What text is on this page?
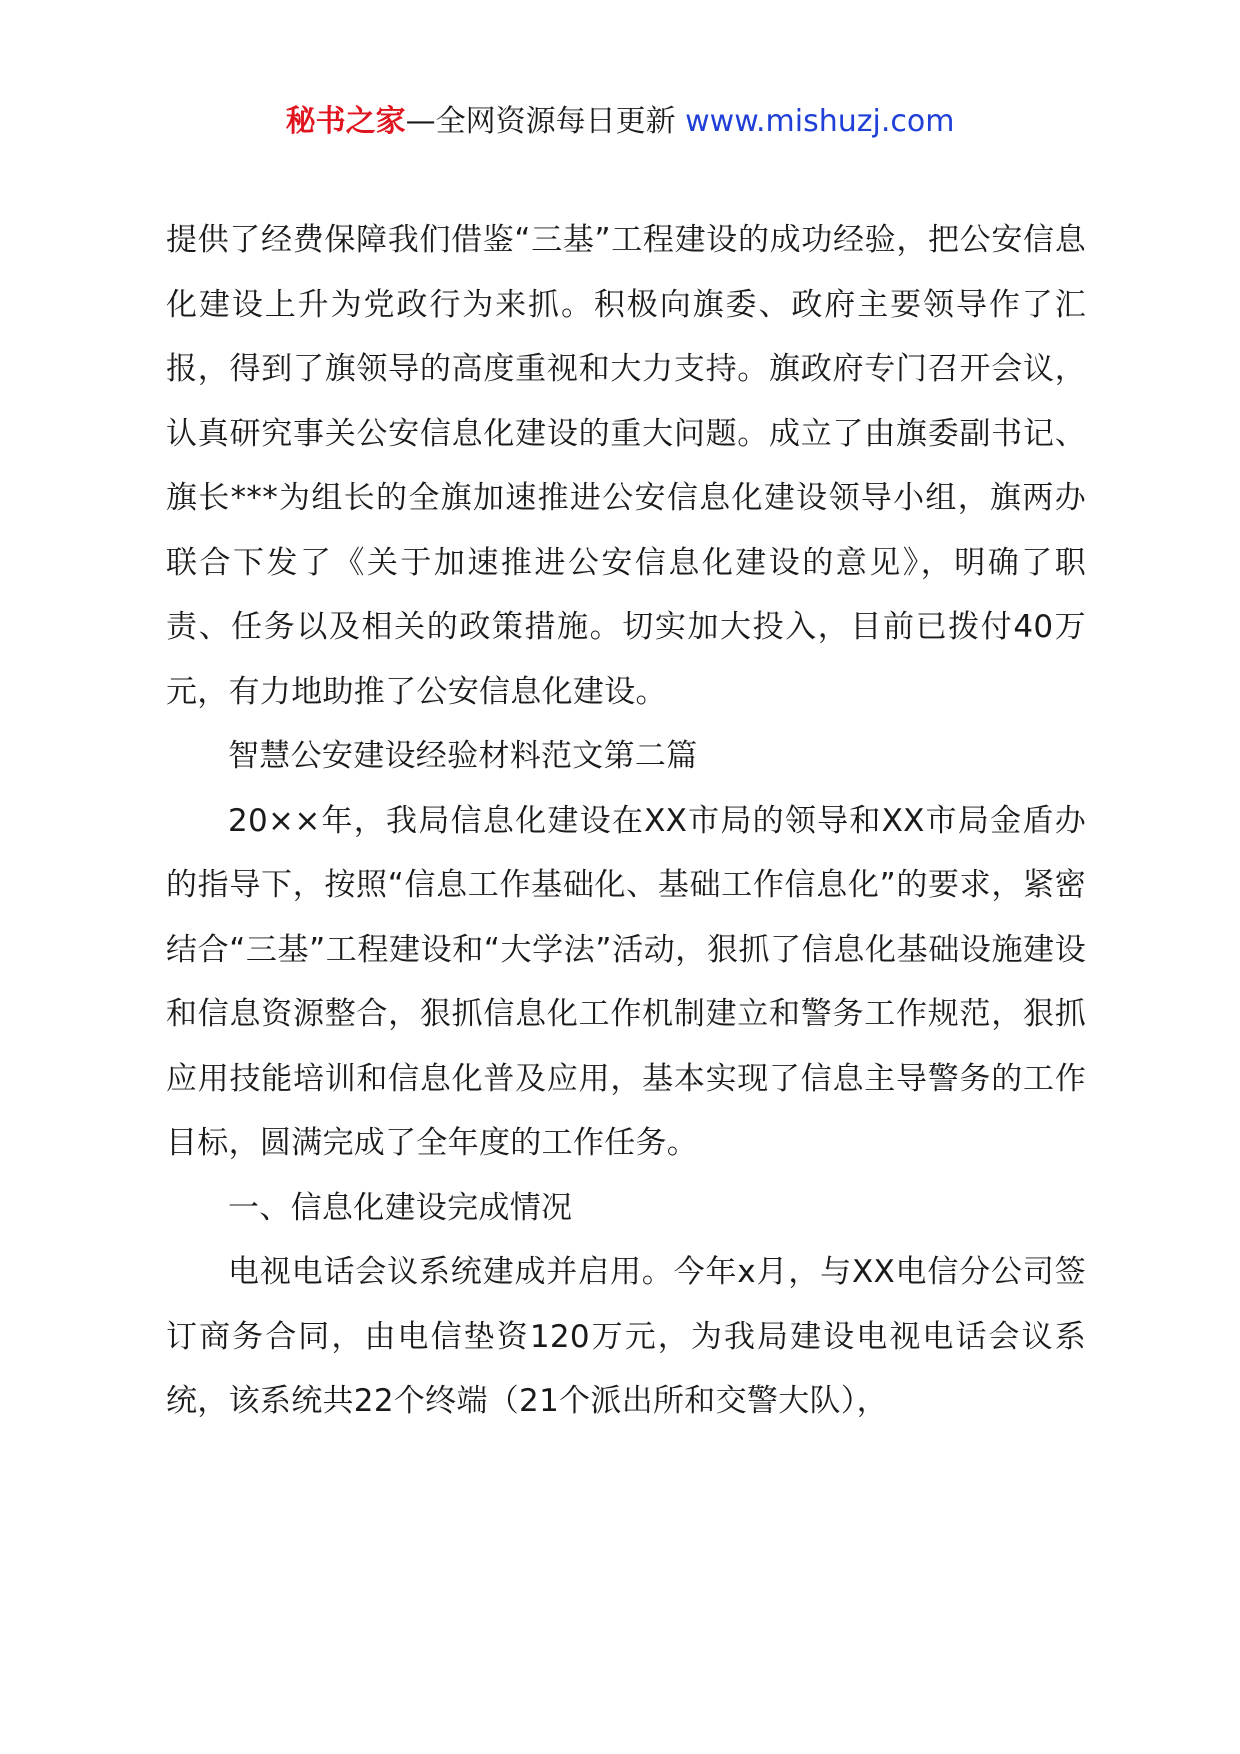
秘书之家—全网资源每日更新 www.mishuzj.com

提供了经费保障我们借鉴“三基”工程建设的成功经验，把公安信息化建设上升为党政行为来抓。积极向旗委、政府主要领导作了汇报，得到了旗领导的高度重视和大力支持。旗政府专门召开会议，认真研究事关公安信息化建设的重大问题。成立了由旗委副书记、旗长***为组长的全旗加速推进公安信息化建设领导小组，旗两办联合下发了《关于加速推进公安信息化建设的意见》，明确了职责、任务以及相关的政策措施。切实加大投入，目前已拨付40万元，有力地助推了公安信息化建设。

智慧公安建设经验材料范文第二篇

20××年，我局信息化建设在XX市局的领导和XX市局金盾办的指导下，按照“信息工作基础化、基础工作信息化”的要求，紧密结合“三基”工程建设和“大学法”活动，狠抓了信息化基础设施建设和信息资源整合，狠抓信息化工作机制建立和警务工作规范，狠抓应用技能培训和信息化普及应用，基本实现了信息主导警务的工作目标，圆满完成了全年度的工作任务。

一、信息化建设完成情况

电视电话会议系统建成并启用。今年x月，与XX电信分公司签订商务合同，由电信垫资120万元，为我局建设电视电话会议系统，该系统共22个终端（21个派出所和交警大队），
